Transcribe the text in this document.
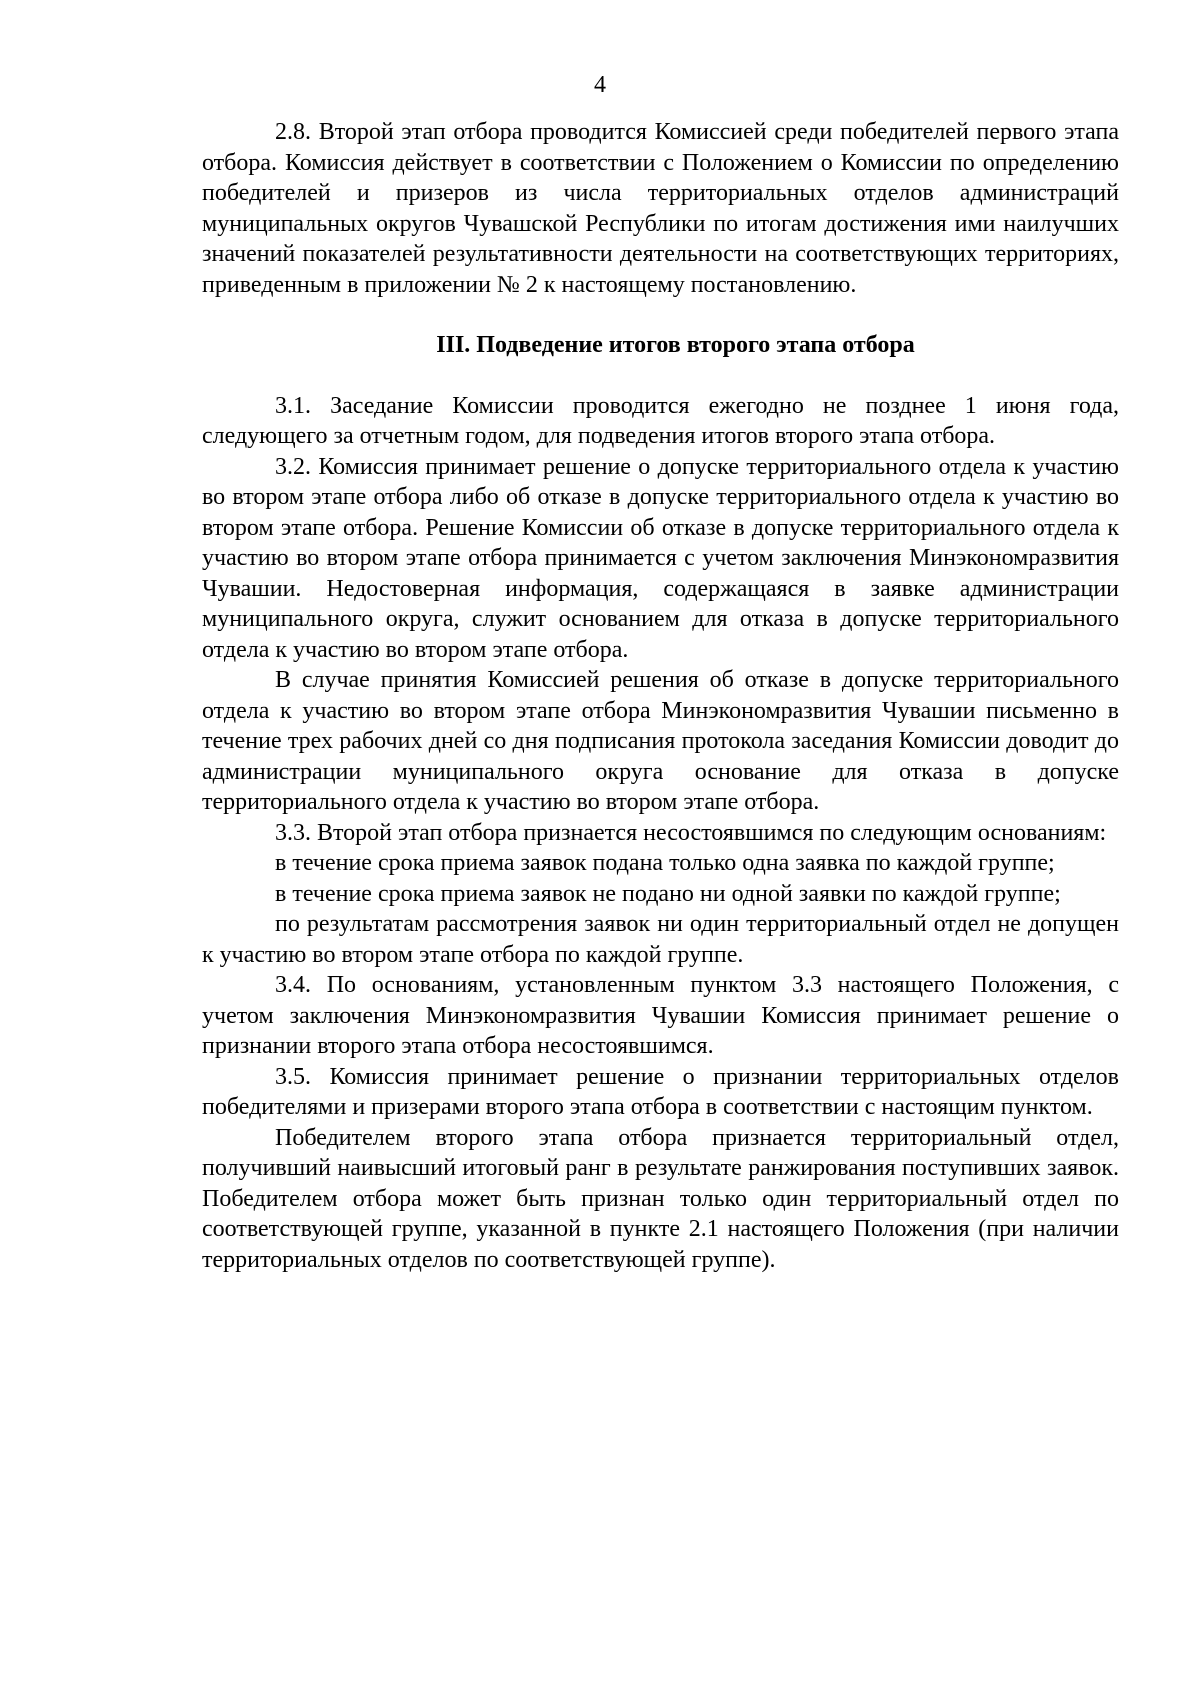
4

2.8. Второй этап отбора проводится Комиссией среди победителей первого этапа отбора. Комиссия действует в соответствии с Положением о Комиссии по определению победителей и призеров из числа территориальных отделов администраций муниципальных округов Чувашской Республики по итогам достижения ими наилучших значений показателей результативности деятельности на соответствующих территориях, приведенным в приложении № 2 к настоящему постановлению.

III. Подведение итогов второго этапа отбора

3.1. Заседание Комиссии проводится ежегодно не позднее 1 июня года, следующего за отчетным годом, для подведения итогов второго этапа отбора.

3.2. Комиссия принимает решение о допуске территориального отдела к участию во втором этапе отбора либо об отказе в допуске территориального отдела к участию во втором этапе отбора. Решение Комиссии об отказе в допуске территориального отдела к участию во втором этапе отбора принимается с учетом заключения Минэкономразвития Чувашии. Недостоверная информация, содержащаяся в заявке администрации муниципального округа, служит основанием для отказа в допуске территориального отдела к участию во втором этапе отбора.

В случае принятия Комиссией решения об отказе в допуске территориального отдела к участию во втором этапе отбора Минэкономразвития Чувашии письменно в течение трех рабочих дней со дня подписания протокола заседания Комиссии доводит до администрации муниципального округа основание для отказа в допуске территориального отдела к участию во втором этапе отбора.

3.3. Второй этап отбора признается несостоявшимся по следующим основаниям:

в течение срока приема заявок подана только одна заявка по каждой группе;

в течение срока приема заявок не подано ни одной заявки по каждой группе;

по результатам рассмотрения заявок ни один территориальный отдел не допущен к участию во втором этапе отбора по каждой группе.

3.4. По основаниям, установленным пунктом 3.3 настоящего Положения, с учетом заключения Минэкономразвития Чувашии Комиссия принимает решение о признании второго этапа отбора несостоявшимся.

3.5. Комиссия принимает решение о признании территориальных отделов победителями и призерами второго этапа отбора в соответствии с настоящим пунктом.

Победителем второго этапа отбора признается территориальный отдел, получивший наивысший итоговый ранг в результате ранжирования поступивших заявок. Победителем отбора может быть признан только один территориальный отдел по соответствующей группе, указанной в пункте 2.1 настоящего Положения (при наличии территориальных отделов по соответствующей группе).
